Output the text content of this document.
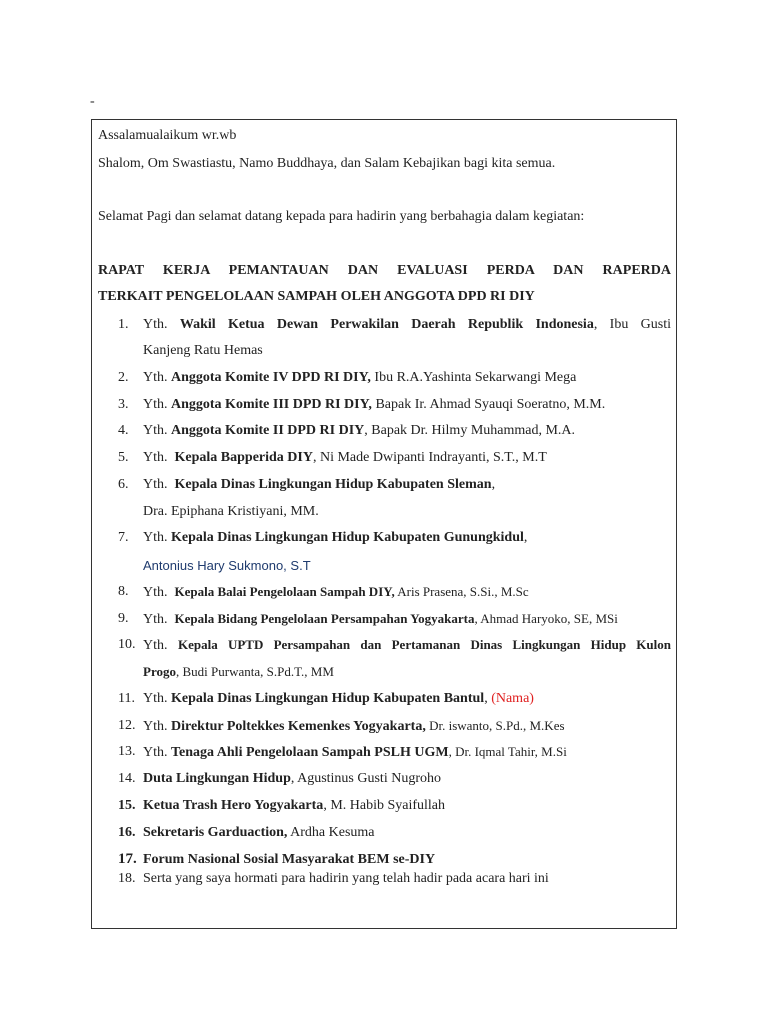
-
Assalamualaikum wr.wb
Shalom, Om Swastiastu, Namo Buddhaya, dan Salam Kebajikan bagi kita semua.
Selamat Pagi dan selamat datang kepada para hadirin yang berbahagia dalam kegiatan:
RAPAT KERJA PEMANTAUAN DAN EVALUASI PERDA DAN RAPERDA
TERKAIT PENGELOLAAN SAMPAH OLEH ANGGOTA DPD RI DIY
1. Yth. Wakil Ketua Dewan Perwakilan Daerah Republik Indonesia, Ibu Gusti
Kanjeng Ratu Hemas
2. Yth. Anggota Komite IV DPD RI DIY, Ibu R.A.Yashinta Sekarwangi Mega
3. Yth. Anggota Komite III DPD RI DIY, Bapak Ir. Ahmad Syauqi Soeratno, M.M.
4. Yth. Anggota Komite II DPD RI DIY, Bapak Dr. Hilmy Muhammad, M.A.
5. Yth.  Kepala Bapperida DIY, Ni Made Dwipanti Indrayanti, S.T., M.T
6. Yth.  Kepala Dinas Lingkungan Hidup Kabupaten Sleman,
Dra. Epiphana Kristiyani, MM.
7. Yth. Kepala Dinas Lingkungan Hidup Kabupaten Gunungkidul,
Antonius Hary Sukmono, S.T
8. Yth.  Kepala Balai Pengelolaan Sampah DIY, Aris Prasena, S.Si., M.Sc
9. Yth.  Kepala Bidang Pengelolaan Persampahan Yogyakarta, Ahmad Haryoko, SE, MSi
10. Yth. Kepala UPTD Persampahan dan Pertamanan Dinas Lingkungan Hidup Kulon
Progo, Budi Purwanta, S.Pd.T., MM
11. Yth. Kepala Dinas Lingkungan Hidup Kabupaten Bantul, (Nama)
12. Yth. Direktur Poltekkes Kemenkes Yogyakarta, Dr. iswanto, S.Pd., M.Kes
13. Yth. Tenaga Ahli Pengelolaan Sampah PSLH UGM, Dr. Iqmal Tahir, M.Si
14. Duta Lingkungan Hidup, Agustinus Gusti Nugroho
15. Ketua Trash Hero Yogyakarta, M. Habib Syaifullah
16. Sekretaris Garduaction, Ardha Kesuma
17. Forum Nasional Sosial Masyarakat BEM se-DIY
18. Serta yang saya hormati para hadirin yang telah hadir pada acara hari ini
